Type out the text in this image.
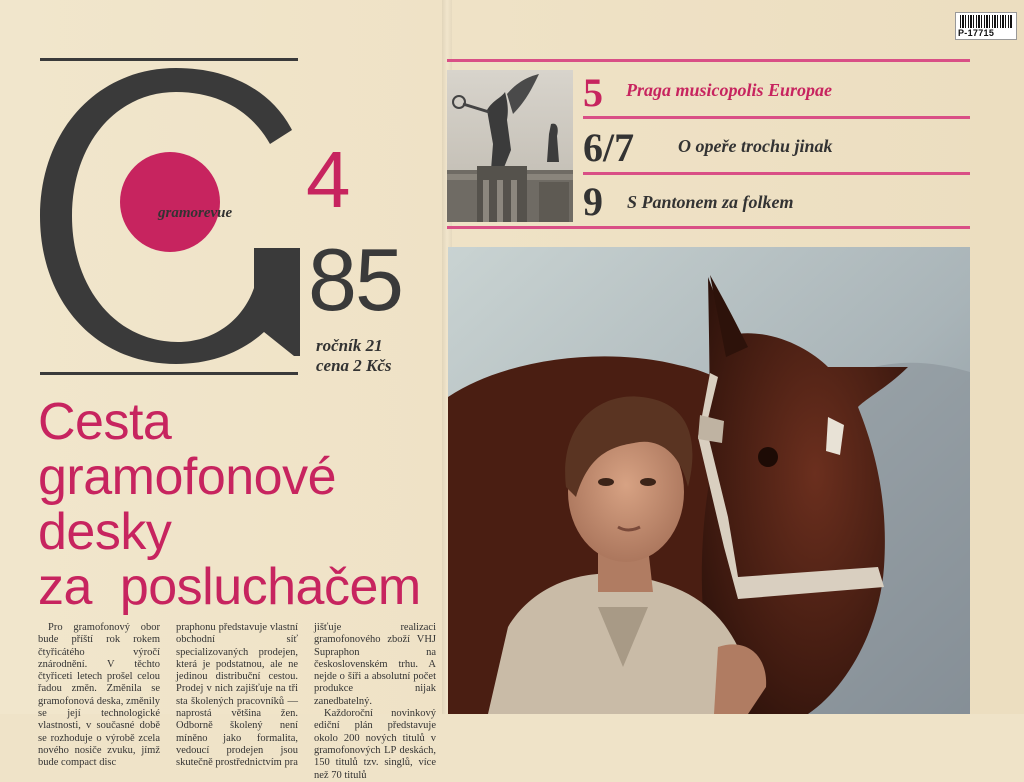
P-17715
gramorevue 4
85
ročník 21
cena 2 Kčs
Cesta
gramofonové
desky
za  posluchačem

Pro gramofonový obor bude příští rok rokem čtyřicátého výročí znárodnění. V těchto čtyřiceti letech prošel celou řadou změn. Změnila se gramofonová deska, změnily se její technologické vlastnosti, v současné době se rozhoduje o výrobě zcela nového nosiče zvuku, jímž bude compact disc

praphonu představuje vlastní obchodní síť specializovaných prodejen, která je podstatnou, ale ne jedinou distribuční cestou. Prodej v nich zajišťuje na tři sta školených pracovníků — naprostá většina žen. Odborně školený není míněno jako formalita, vedoucí prodejen jsou skutečně prostřednictvím pra

jišťuje realizaci gramofonového zboží VHJ Supraphon na československém trhu. A nejde o šíři a absolutní počet produkce nijak zanedbatelný.

Každoroční novinkový ediční plán představuje okolo 200 nových titulů v gramofonových LP deskách, 150 titulů tzv. singlů, více než 70 titulů

5 Praga musicopolis Europae
6/7 O opeře trochu jinak
9 S Pantonem za folkem
